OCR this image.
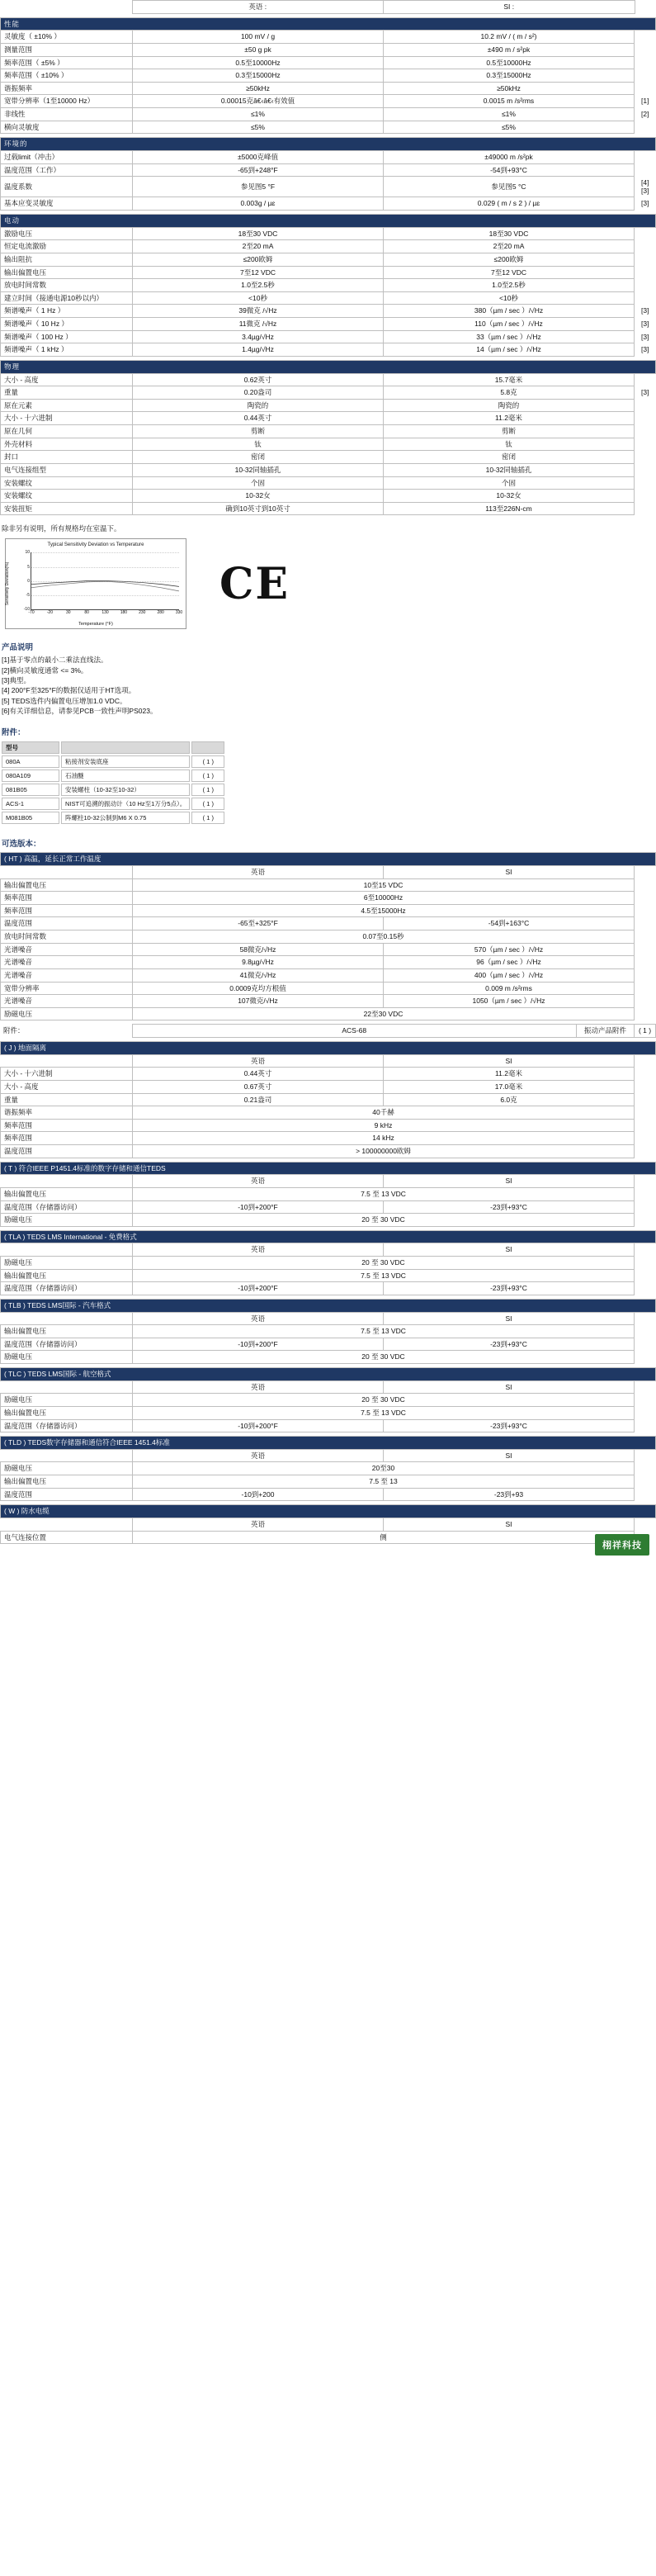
	英语 :	SI :	
性能			
灵敏度（ ±10% ）	100 mV / g	10.2 mV / ( m / s²)	
测量范围	±50 g pk	±490 m / s²pk	
频率范围（ ±5% ）	0.5至10000Hz	0.5至10000Hz	
频率范围（ ±10% ）	0.3至15000Hz	0.3至15000Hz	
谐振频率	≥50kHz	≥50kHz	
宽带分辨率（1至10000 Hz）	0.00015克â€‹â€‹有效值	0.0015 m /s²rms	[1]
非线性	≤1%	≤1%	[2]
横向灵敏度	≤5%	≤5%	
环境的			
过载limit（冲击）	±5000克峰值	±49000 m /s²pk	
温度范围（工作）	-65到+248°F	-54到+93°C	
温度系数	参见图5 °F	参见图5 °C	[4] [3]
基本应变灵敏度	0.003g / µɛ	0.029 ( m / s 2 ) / µɛ	[3]
电动			
激励电压	18至30 VDC	18至30 VDC	
恒定电流激励	2至20 mA	2至20 mA	
输出阻抗	≤200欧姆	≤200欧姆	
输出偏置电压	7至12 VDC	7至12 VDC	
放电时间常数	1.0至2.5秒	1.0至2.5秒	
建立时间（接通电源10秒以内）	<10秒	<10秒	
频谱噪声（ 1 Hz ）	39微克 /√Hz	380（µm / sec ）/√Hz	[3]
频谱噪声（ 10 Hz ）	11微克 /√Hz	110（µm / sec ）/√Hz	[3]
频谱噪声（ 100 Hz ）	3.4µg/√Hz	33（µm / sec ）/√Hz	[3]
频谱噪声（ 1 kHz ）	1.4µg/√Hz	14（µm / sec ）/√Hz	[3]
物理			
大小 - 高度	0.62英寸	15.7毫米	
重量	0.20盎司	5.8克	[3]
原在元素	陶瓷的	陶瓷的	
大小 - 十六进制	0.44英寸	11.2毫米	
原在几何	剪断	剪断	
外壳材料	钛	钛	
封口	密闭	密闭	
电气连接组型	10-32同轴插孔	10-32同轴插孔	
安装螺纹	个固	个固	
安装螺纹	10-32女	10-32女	
安装扭矩	确到10英寸到10英寸	113至226N-cm	
除非另有说明，所有规格均在室温下。
Typical Sensitivity Deviation vs Temperature
Sensitivity Deviation(%)
10
5
0
-5
-10
-70	-20	30	80	130	180	230	280	330
Temperature (°F)
CE
产品说明
[1]基于零点的最小二乘法直线法。
[2]横向灵敏度通常 <= 3%。
[3]典型。
[4] 200°F至325°F的数据仅适用于HT选项。
[5] TEDS选件内偏置电压增加1.0 VDC。
[6]有关详细信息，请参见PCB一致性声明PS023。
附件：
型号		
080A	粘接剂安装底座	( 1 )
080A109	石油醚	( 1 )
081B05	安装螺柱（10-32至10-32）	( 1 )
ACS-1	NIST可追溯的振动计（10 Hz至1万分5点）。	( 1 )
M081B05	阵螺柱10-32公制到M6 X 0.75	( 1 )
可选版本：
( HT ) 高温，延长正常工作温度			
	英语	SI	
输出偏置电压	10至15 VDC		
频率范围	6至10000Hz		
频率范围	4.5至15000Hz		
温度范围	-65至+325°F	-54到+163°C	
放电时间常数	0.07至0.15秒		
光谱噪音	58微克/√Hz	570（µm / sec ）/√Hz	
光谱噪音	9.8µg/√Hz	96（µm / sec ）/√Hz	
光谱噪音	41微克/√Hz	400（µm / sec ）/√Hz	
宽带分辨率	0.0009克均方根值	0.009 m /s²rms	
光谱噪音	107微克/√Hz	1050（µm / sec ）/√Hz	
励磁电压	22至30 VDC		
附件：	ACS-68	振动产品附件	( 1 )
( J ) 地面隔离			
	英语	SI	
大小 - 十六进制	0.44英寸	11.2毫米	
大小 - 高度	0.67英寸	17.0毫米	
重量	0.21盎司	6.0克	
谐振频率	40千赫		
频率范围	9 kHz		
频率范围	14 kHz		
温度范围	> 100000000欧姆		
( T ) 符合IEEE P1451.4标准的数字存储和通信TEDS			
	英语	SI	
输出偏置电压	7.5 至 13 VDC		
温度范围（存储器访问）	-10到+200°F	-23到+93°C	
励磁电压	20 至 30 VDC		
( TLA ) TEDS LMS International - 免费格式			
	英语	SI	
励磁电压	20 至 30 VDC		
输出偏置电压	7.5 至 13 VDC		
温度范围（存储器访问）	-10到+200°F	-23到+93°C	
( TLB ) TEDS LMS国际 - 汽车格式			
	英语	SI	
输出偏置电压	7.5 至 13 VDC		
温度范围（存储器访问）	-10到+200°F	-23到+93°C	
励磁电压	20 至 30 VDC		
( TLC ) TEDS LMS国际 - 航空格式			
	英语	SI	
励磁电压	20 至 30 VDC		
输出偏置电压	7.5 至 13 VDC		
温度范围（存储器访问）	-10到+200°F	-23到+93°C	
( TLD ) TEDS数字存储器和通信符合IEEE 1451.4标准			
	英语	SI	
励磁电压	20至30		
输出偏置电压	7.5 至 13		
温度范围	-10到+200	-23到+93	
( W ) 防水电缆			
	英语	SI	
电气连接位置	侧		
栩祥科技
